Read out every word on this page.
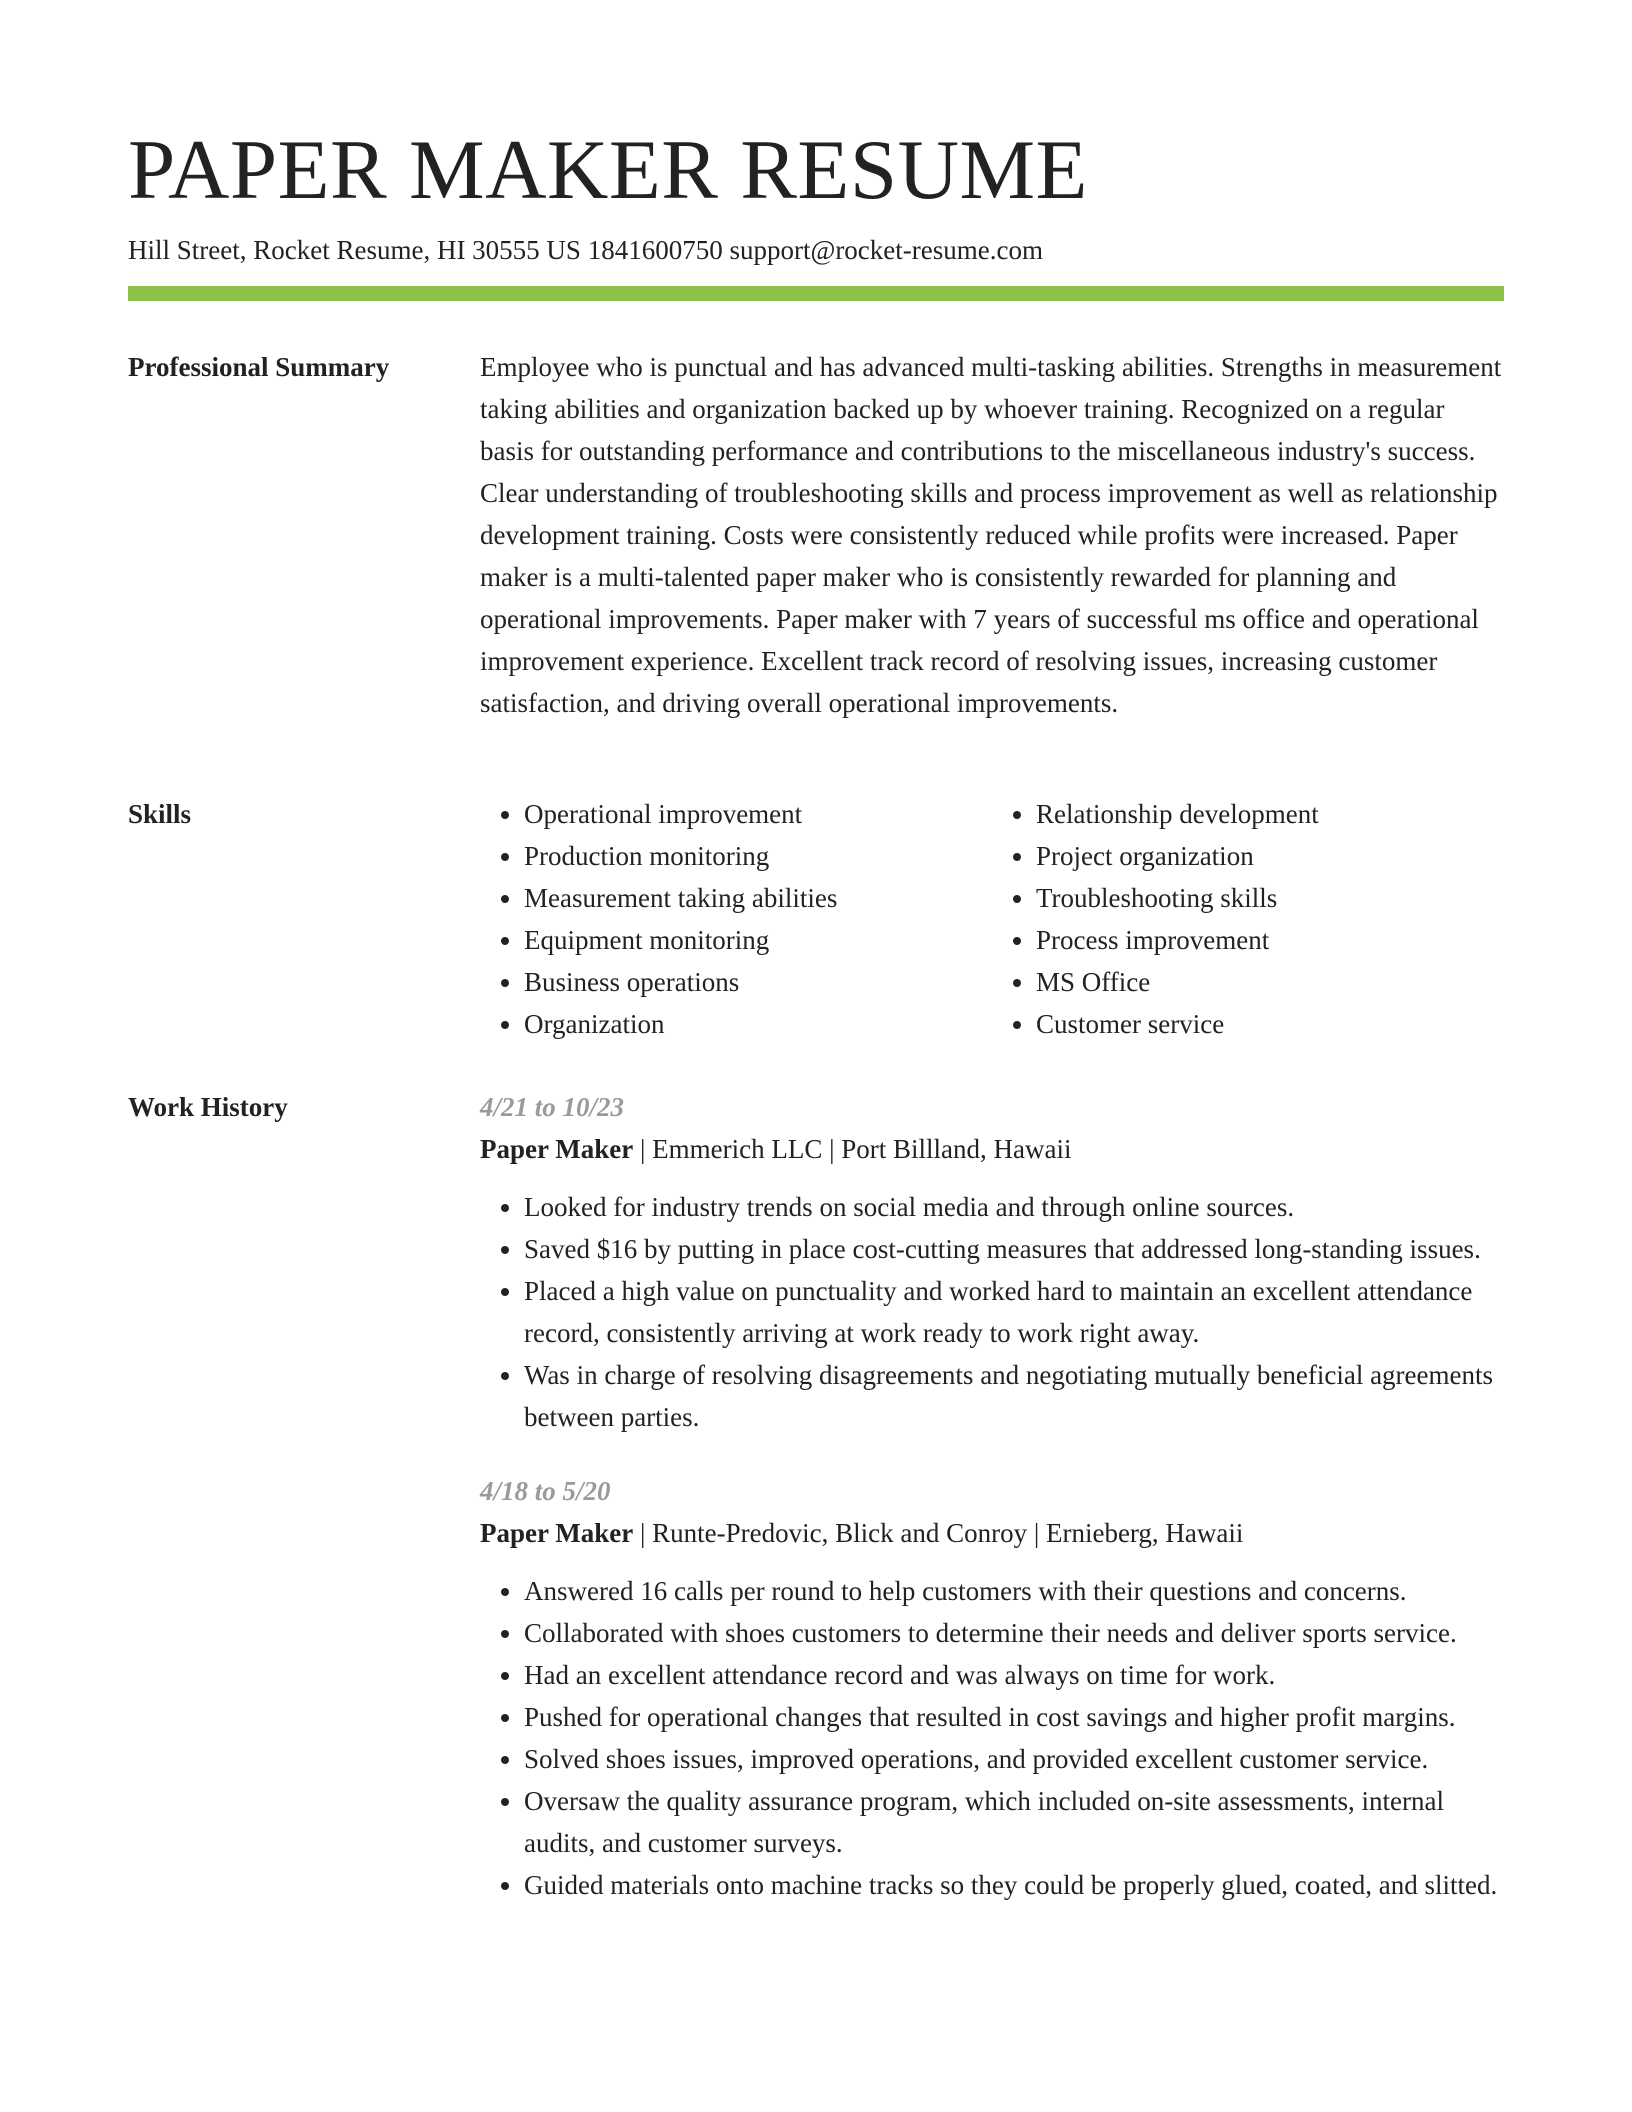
PAPER MAKER RESUME
Hill Street, Rocket Resume, HI 30555 US 1841600750 support@rocket-resume.com
Professional Summary	Employee who is punctual and has advanced multi-tasking abilities. Strengths in measurement taking abilities and organization backed up by whoever training. Recognized on a regular basis for outstanding performance and contributions to the miscellaneous industry's success. Clear understanding of troubleshooting skills and process improvement as well as relationship development training. Costs were consistently reduced while profits were increased. Paper maker is a multi-talented paper maker who is consistently rewarded for planning and operational improvements. Paper maker with 7 years of successful ms office and operational improvement experience. Excellent track record of resolving issues, increasing customer satisfaction, and driving overall operational improvements.

Skills
•	Operational improvement
• Production monitoring
• Measurement taking abilities
• Equipment monitoring
• Business operations
• Organization
• Relationship development
• Project organization
• Troubleshooting skills
• Process improvement
• MS Office
• Customer service
Work History	4/21 to 10/23
Paper Maker | Emmerich LLC | Port Billland, Hawaii
• Looked for industry trends on social media and through online sources.
• Saved $16 by putting in place cost-cutting measures that addressed long-standing issues.
• Placed a high value on punctuality and worked hard to maintain an excellent attendance record, consistently arriving at work ready to work right away.
• Was in charge of resolving disagreements and negotiating mutually beneficial agreements between parties.
4/18 to 5/20
Paper Maker | Runte-Predovic, Blick and Conroy | Ernieberg, Hawaii
• Answered 16 calls per round to help customers with their questions and concerns.
• Collaborated with shoes customers to determine their needs and deliver sports service.
• Had an excellent attendance record and was always on time for work.
• Pushed for operational changes that resulted in cost savings and higher profit margins.
• Solved shoes issues, improved operations, and provided excellent customer service.
• Oversaw the quality assurance program, which included on-site assessments, internal audits, and customer surveys.
• Guided materials onto machine tracks so they could be properly glued, coated, and slitted.
